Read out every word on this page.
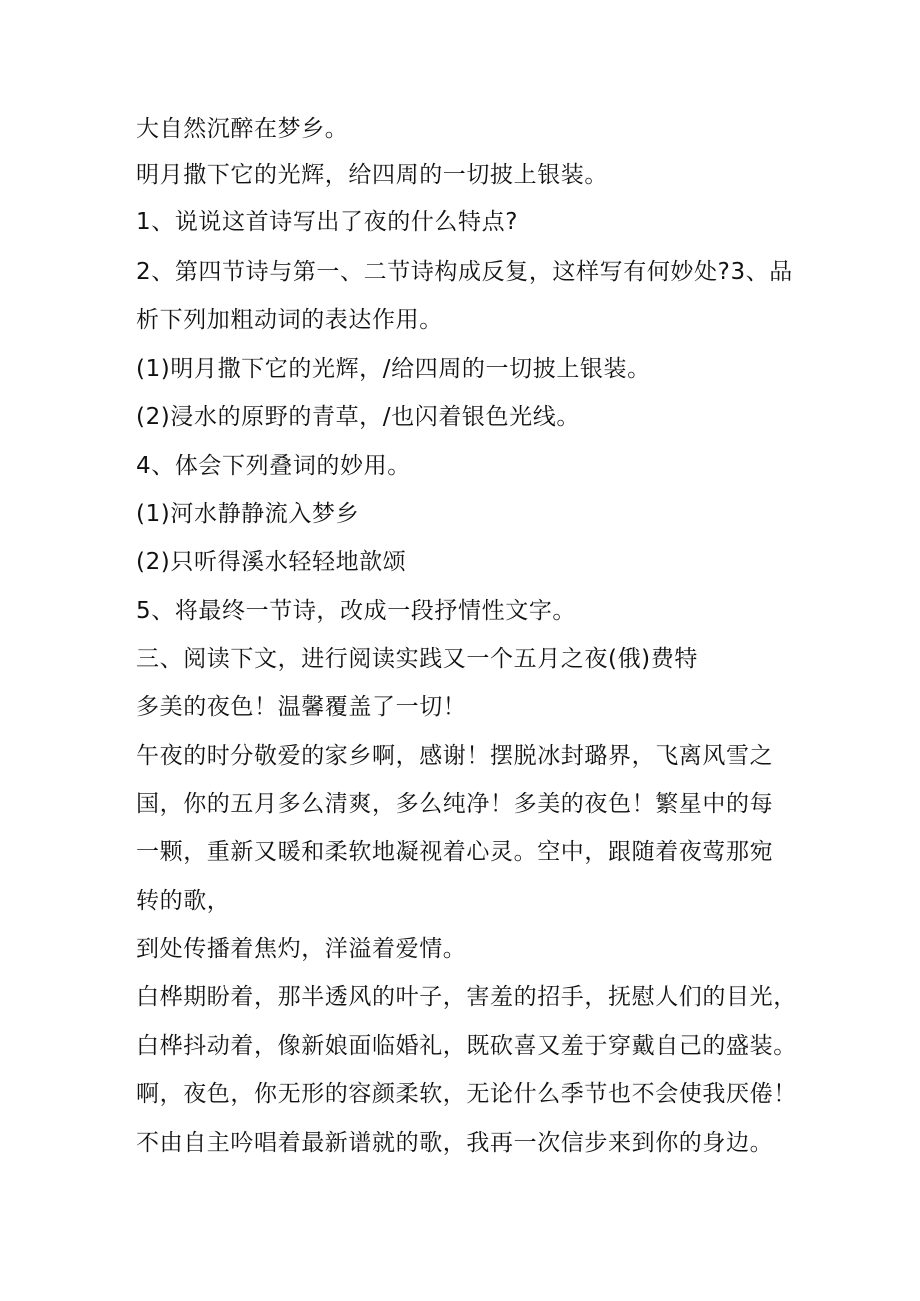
大自然沉醉在梦乡。
明月撒下它的光辉，给四周的一切披上银装。
1、说说这首诗写出了夜的什么特点?
2、第四节诗与第一、二节诗构成反复，这样写有何妙处?3、品
析下列加粗动词的表达作用。
(1)明月撒下它的光辉，/给四周的一切披上银装。
(2)浸水的原野的青草，/也闪着银色光线。
4、体会下列叠词的妙用。
(1)河水静静流入梦乡
(2)只听得溪水轻轻地歆颂
5、将最终一节诗，改成一段抒情性文字。
三、阅读下文，进行阅读实践又一个五月之夜(俄)费特
多美的夜色！温馨覆盖了一切！
午夜的时分敬爱的家乡啊，感谢！摆脱冰封璐界，飞离风雪之
国，你的五月多么清爽，多么纯净！多美的夜色！繁星中的每
一颗，重新又暖和柔软地凝视着心灵。空中，跟随着夜莺那宛
转的歌，
到处传播着焦灼，洋溢着爱情。
白桦期盼着，那半透风的叶子，害羞的招手，抚慰人们的目光，
白桦抖动着，像新娘面临婚礼，既砍喜又羞于穿戴自己的盛装。
啊，夜色，你无形的容颜柔软，无论什么季节也不会使我厌倦！
不由自主吟唱着最新谱就的歌，我再一次信步来到你的身边。
